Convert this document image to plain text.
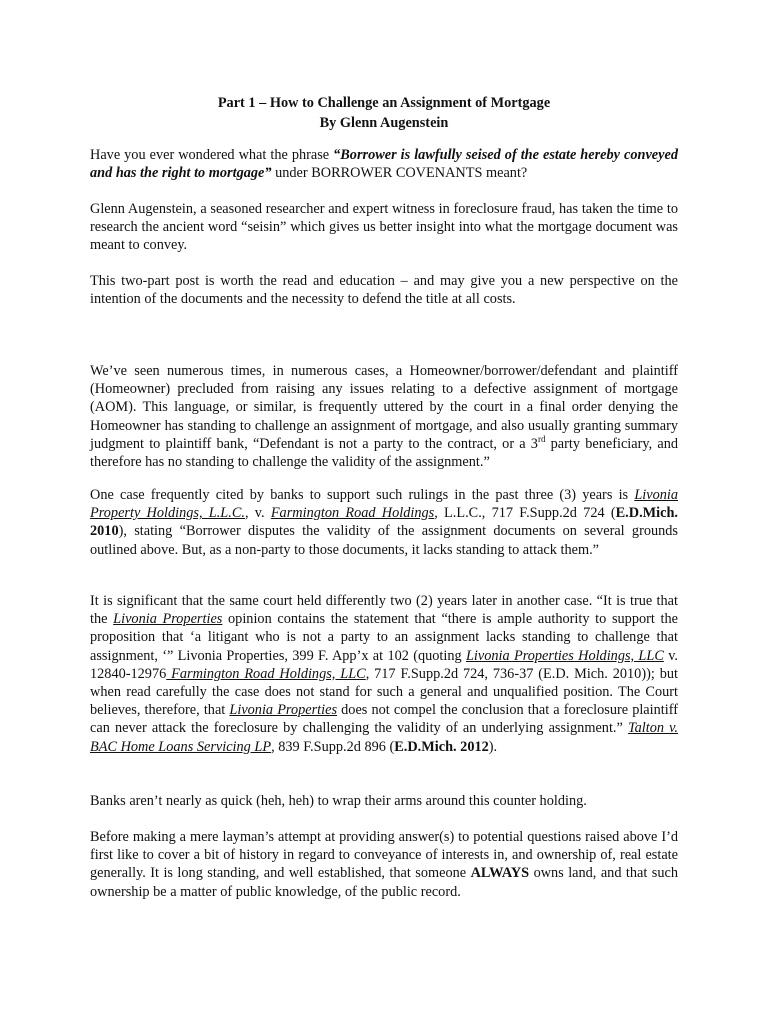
Part 1 – How to Challenge an Assignment of Mortgage
By Glenn Augenstein

Have you ever wondered what the phrase “Borrower is lawfully seised of the estate hereby conveyed and has the right to mortgage” under BORROWER COVENANTS meant?

Glenn Augenstein, a seasoned researcher and expert witness in foreclosure fraud, has taken the time to research the ancient word “seisin” which gives us better insight into what the mortgage document was meant to convey.

This two-part post is worth the read and education – and may give you a new perspective on the intention of the documents and the necessity to defend the title at all costs.

We’ve seen numerous times, in numerous cases, a Homeowner/borrower/defendant and plaintiff (Homeowner) precluded from raising any issues relating to a defective assignment of mortgage (AOM). This language, or similar, is frequently uttered by the court in a final order denying the Homeowner has standing to challenge an assignment of mortgage, and also usually granting summary judgment to plaintiff bank, “Defendant is not a party to the contract, or a 3rd party beneficiary, and therefore has no standing to challenge the validity of the assignment.”

One case frequently cited by banks to support such rulings in the past three (3) years is Livonia Property Holdings, L.L.C., v. Farmington Road Holdings, L.L.C., 717 F.Supp.2d 724 (E.D.Mich. 2010), stating “Borrower disputes the validity of the assignment documents on several grounds outlined above. But, as a non-party to those documents, it lacks standing to attack them.”

It is significant that the same court held differently two (2) years later in another case. “It is true that the Livonia Properties opinion contains the statement that “there is ample authority to support the proposition that ‘a litigant who is not a party to an assignment lacks standing to challenge that assignment, ‘” Livonia Properties, 399 F. App’x at 102 (quoting Livonia Properties Holdings, LLC v. 12840-12976 Farmington Road Holdings, LLC, 717 F.Supp.2d 724, 736-37 (E.D. Mich. 2010)); but when read carefully the case does not stand for such a general and unqualified position. The Court believes, therefore, that Livonia Properties does not compel the conclusion that a foreclosure plaintiff can never attack the foreclosure by challenging the validity of an underlying assignment.” Talton v. BAC Home Loans Servicing LP, 839 F.Supp.2d 896 (E.D.Mich. 2012).

Banks aren’t nearly as quick (heh, heh) to wrap their arms around this counter holding.

Before making a mere layman’s attempt at providing answer(s) to potential questions raised above I’d first like to cover a bit of history in regard to conveyance of interests in, and ownership of, real estate generally. It is long standing, and well established, that someone ALWAYS owns land, and that such ownership be a matter of public knowledge, of the public record.
